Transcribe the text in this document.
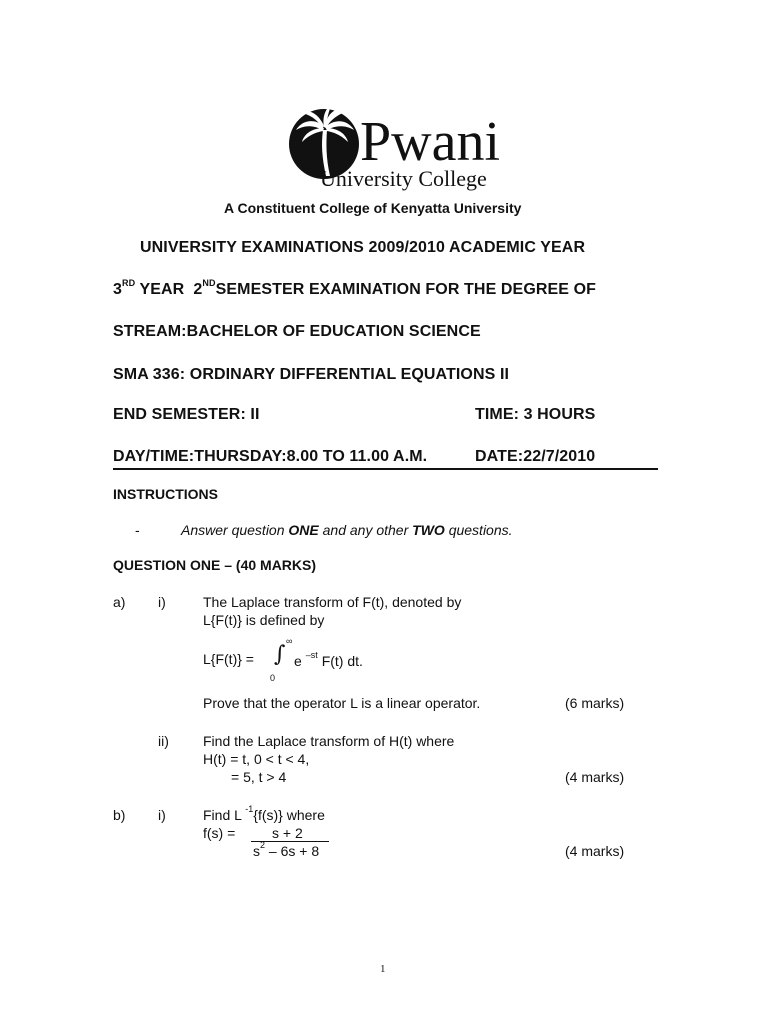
Pwani
University College
A Constituent College of Kenyatta University
UNIVERSITY EXAMINATIONS 2009/2010 ACADEMIC YEAR
3RD YEAR  2NDSEMESTER EXAMINATION FOR THE DEGREE OF
STREAM:BACHELOR OF EDUCATION SCIENCE
SMA 336: ORDINARY DIFFERENTIAL EQUATIONS II
END SEMESTER: II	TIME: 3 HOURS
DAY/TIME:THURSDAY:8.00 TO 11.00 A.M.	DATE:22/7/2010
INSTRUCTIONS
-	Answer question ONE and any other TWO questions.
QUESTION ONE – (40 MARKS)
a) i)	The Laplace transform of F(t), denoted by
L{F(t)} is defined by
L{F(t)} =
∞
∫
0
e $^{-st}$ F(t) dt.
Prove that the operator L is a linear operator.	(6 marks)
ii) Find the Laplace transform of H(t) where
H(t) = t, 0 < t < 4,
= 5, t > 4	(4 marks)
b) i)	Find L $^{-1}${f(s)} where
f(s) =	s + 2
$s^2 - 6s + 8$	(4 marks)
1
